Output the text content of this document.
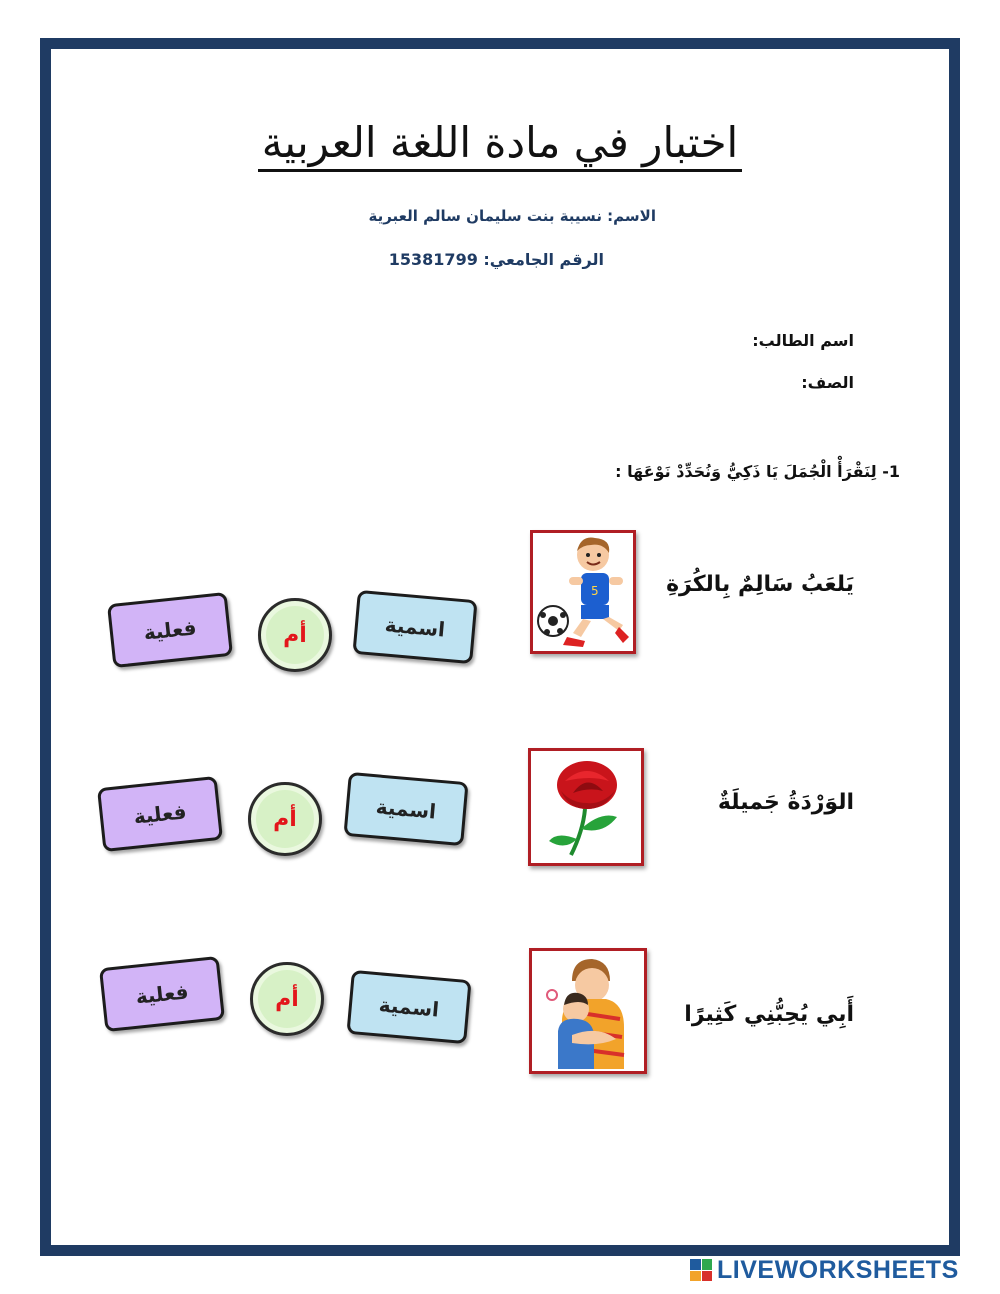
اختبار في مادة اللغة العربية
الاسم: نسيبة بنت سليمان سالم العبرية
الرقم الجامعي: 15381799
اسم الطالب:
الصف:
1- لِنَقْرَأْ الْجُمَلَ يَا ذَكِيُّ وَنُحَدِّدْ نَوْعَهَا :
يَلعَبُ سَالِمٌ بِالكُرَةِ
5
اسمية
أم
فعلية
الوَرْدَةُ جَميلَةٌ
اسمية
أم
فعلية
أَبِي يُحِبُّنِي كَثِيرًا
اسمية
أم
فعلية
LIVEWORKSHEETS
